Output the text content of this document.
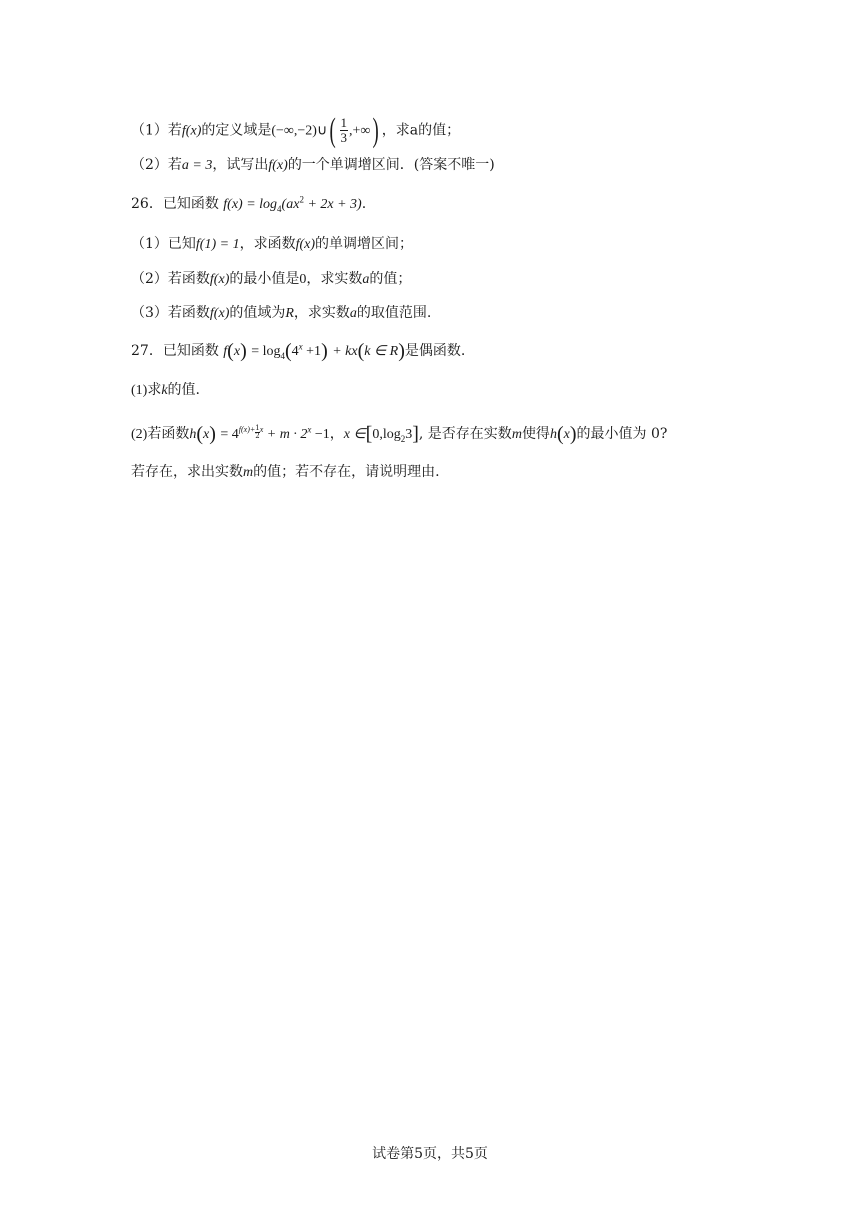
（1）若f(x)的定义域是(−∞,−2)∪( $\frac{1}{3}$ ,+∞) ，求a的值；
（2）若a = 3，试写出f(x)的一个单调增区间．(答案不唯一)
26．已知函数 $f(x) = \log_4(ax^2 + 2x + 3)$.
（1）已知f(1) = 1，求函数f(x)的单调增区间；
（2）若函数f(x)的最小值是0，求实数a的值；
（3）若函数f(x)的值域为R，求实数a的取值范围.
27．已知函数 $f(x) = \log_4(4^x +1) + kx(k$ ∈ R)是偶函数.
(1)求k的值.
(2)若函数$h(x) = 4^{f(x)+ \frac{1}{2} x} + m \cdot 2^x -1$，x $\in[0,\log_23]$, 是否存在实数m使得h(x)的最小值为 0?
若存在，求出实数m的值；若不存在，请说明理由.
试卷第5页，共5页
